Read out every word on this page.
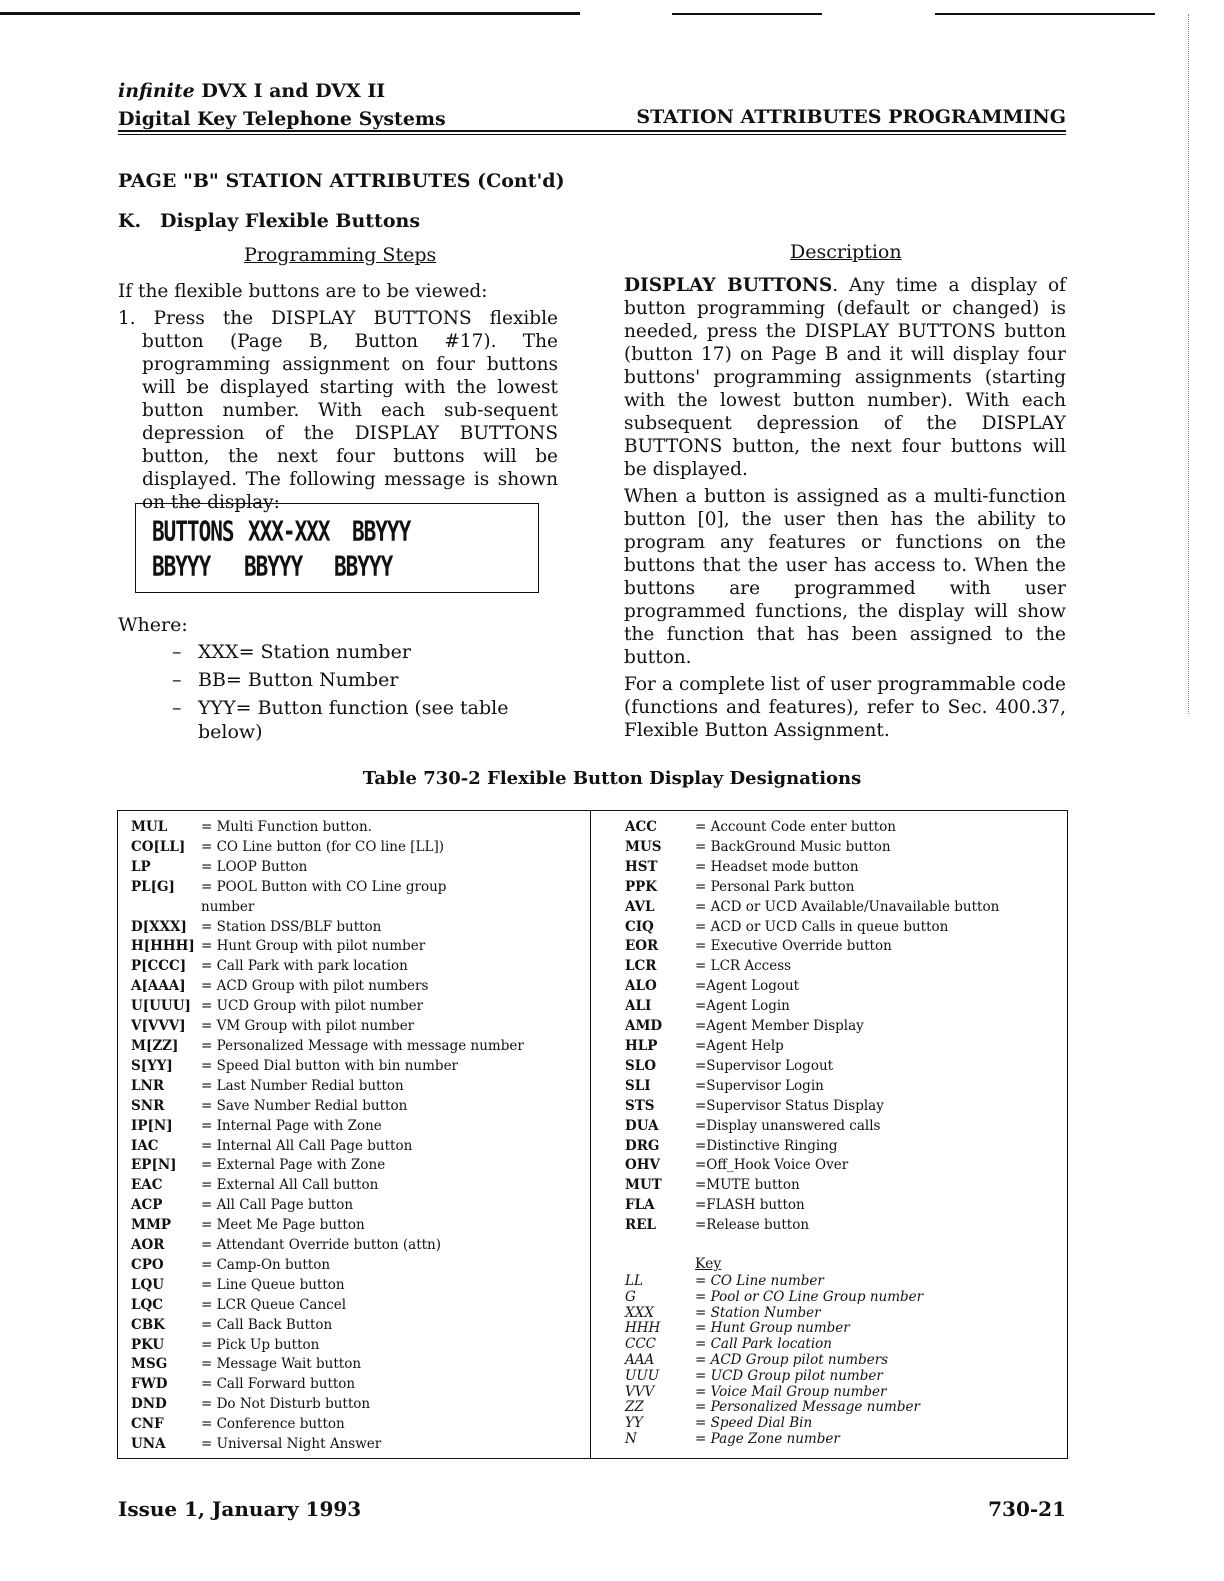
infinite DVX I and DVX II
Digital Key Telephone Systems	STATION ATTRIBUTES PROGRAMMING
PAGE "B" STATION ATTRIBUTES (Cont'd)
K. Display Flexible Buttons
Programming Steps	Description
If the flexible buttons are to be viewed:
1. Press the DISPLAY BUTTONS flexible button (Page B, Button #17). The programming assignment on four buttons will be displayed starting with the lowest button number. With each sub-sequent depression of the DISPLAY BUTTONS button, the next four buttons will be displayed. The following message is shown on the display:
BUTTONS XXX-XXX BBYYY
BBYYY BBYYY BBYYY
Where:
– XXX= Station number
– BB= Button Number
– YYY= Button function (see table below)

DISPLAY BUTTONS. Any time a display of button programming (default or changed) is needed, press the DISPLAY BUTTONS button (button 17) on Page B and it will display four buttons' programming assignments (starting with the lowest button number). With each subsequent depression of the DISPLAY BUTTONS button, the next four buttons will be displayed.

When a button is assigned as a multi-function button [0], the user then has the ability to program any features or functions on the buttons that the user has access to. When the buttons are programmed with user programmed functions, the display will show the function that has been assigned to the button.

For a complete list of user programmable code (functions and features), refer to Sec. 400.37, Flexible Button Assignment.

Table 730-2 Flexible Button Display Designations
MUL	= Multi Function button.
CO[LL]	= CO Line button (for CO line [LL])
LP	= LOOP Button
PL[G]	= POOL Button with CO Line group
number
D[XXX]	= Station DSS/BLF button
H[HHH] = Hunt Group with pilot number
P[CCC]	= Call Park with park location
A[AAA]	= ACD Group with pilot numbers
U[UUU] = UCD Group with pilot number
V[VVV]	= VM Group with pilot number
M[ZZ]	= Personalized Message with message number
S[YY]	= Speed Dial button with bin number
LNR	= Last Number Redial button
SNR	= Save Number Redial button
IP[N]	= Internal Page with Zone
IAC	= Internal All Call Page button
EP[N]	= External Page with Zone
EAC	= External All Call button
ACP	= All Call Page button
MMP	= Meet Me Page button
AOR	= Attendant Override button (attn)
CPO	= Camp-On button
LQU	= Line Queue button
LQC	= LCR Queue Cancel
CBK	= Call Back Button
PKU	= Pick Up button
MSG	= Message Wait button
FWD	= Call Forward button
DND	= Do Not Disturb button
CNF	= Conference button
UNA	= Universal Night Answer
ACC	= Account Code enter button
MUS	= BackGround Music button
HST	= Headset mode button
PPK	= Personal Park button
AVL	= ACD or UCD Available/Unavailable button
CIQ	= ACD or UCD Calls in queue button
EOR	= Executive Override button
LCR	= LCR Access
ALO	=Agent Logout
ALI	=Agent Login
AMD	=Agent Member Display
HLP	=Agent Help
SLO	=Supervisor Logout
SLI	=Supervisor Login
STS	=Supervisor Status Display
DUA	=Display unanswered calls
DRG	=Distinctive Ringing
OHV	=Off_Hook Voice Over
MUT	=MUTE button
FLA	=FLASH button
REL	=Release button
Key
LL	= CO Line number
G	= Pool or CO Line Group number
XXX	= Station Number
HHH	= Hunt Group number
CCC	= Call Park location
AAA	= ACD Group pilot numbers
UUU	= UCD Group pilot number
VVV	= Voice Mail Group number
ZZ	= Personalized Message number
YY	= Speed Dial Bin
N	= Page Zone number
Issue 1, January 1993	730-21
